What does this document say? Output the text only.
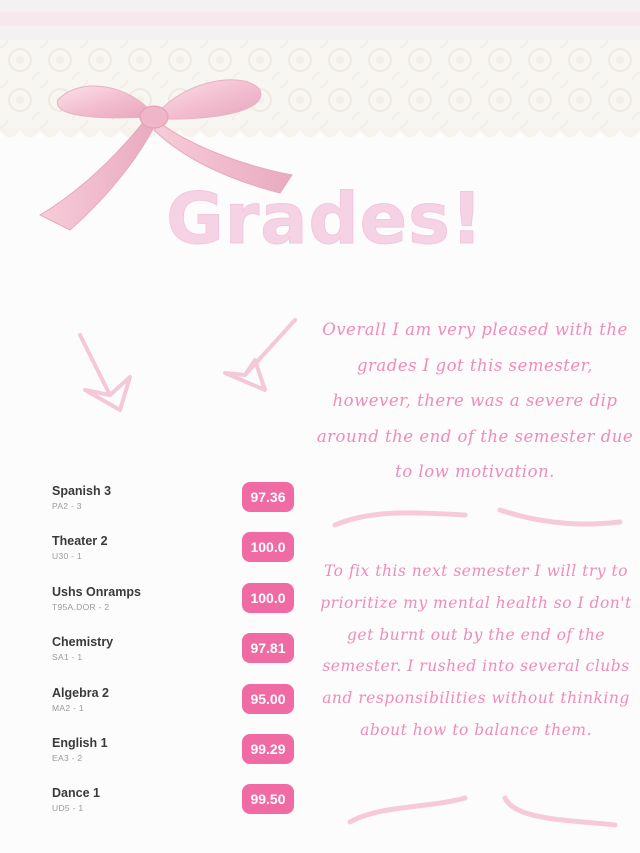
Grades!
Spanish 3
PA2 - 3
97.36
Theater 2
U30 - 1
100.0
Ushs Onramps
T95A.DOR - 2
100.0
Chemistry
SA1 - 1
97.81
Algebra 2
MA2 - 1
95.00
English 1
EA3 - 2
99.29
Dance 1
UD5 - 1
99.50
Overall I am very pleased with the grades I got this semester, however, there was a severe dip around the end of the semester due to low motivation.
To fix this next semester I will try to prioritize my mental health so I don't get burnt out by the end of the semester. I rushed into several clubs and responsibilities without thinking about how to balance them.
